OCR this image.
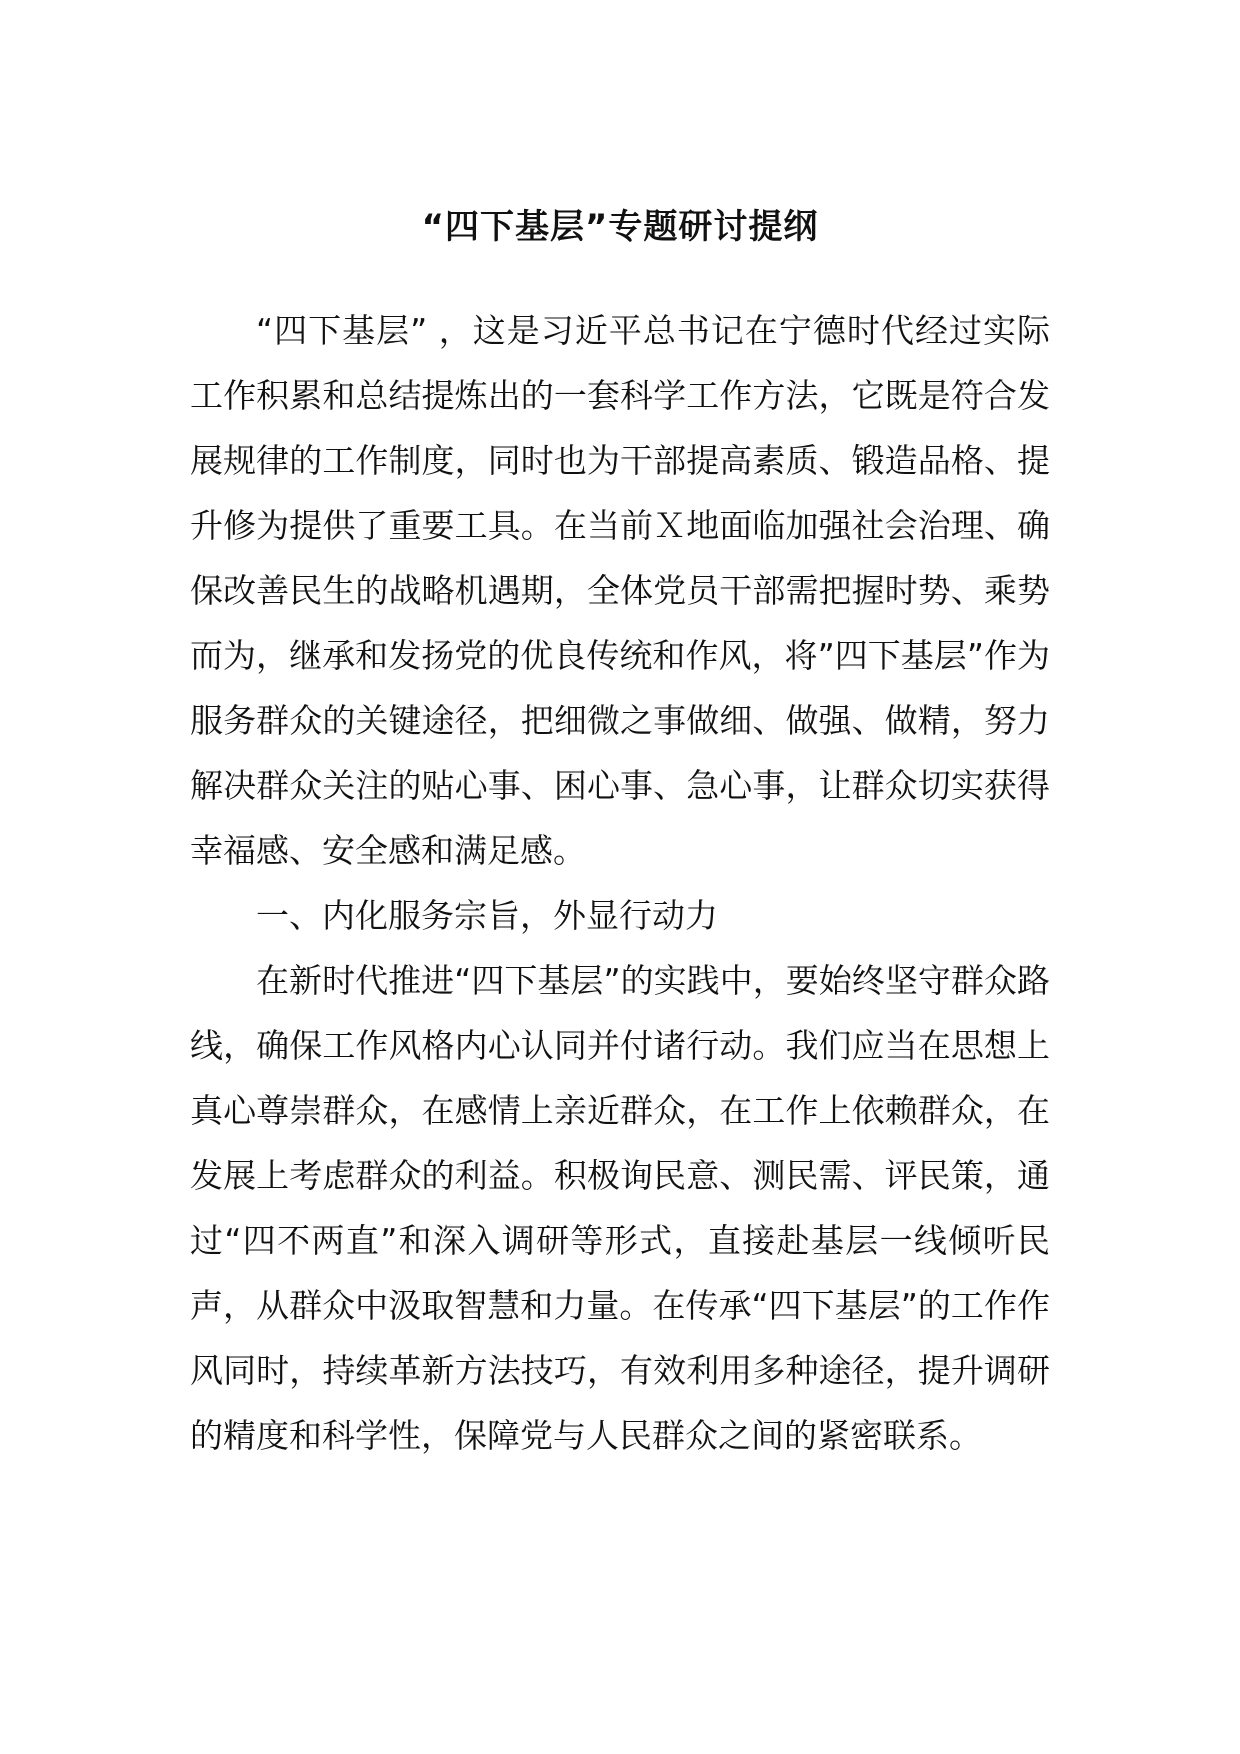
“四下基层”专题研讨提纲

“四下基层” ，这是习近平总书记在宁德时代经过实际工作积累和总结提炼出的一套科学工作方法，它既是符合发展规律的工作制度，同时也为干部提高素质、锻造品格、提升修为提供了重要工具。在当前Ｘ地面临加强社会治理、确保改善民生的战略机遇期，全体党员干部需把握时势、乘势而为，继承和发扬党的优良传统和作风，将”四下基层”作为服务群众的关键途径，把细微之事做细、做强、做精，努力解决群众关注的贴心事、困心事、急心事，让群众切实获得幸福感、安全感和满足感。

一、内化服务宗旨，外显行动力

在新时代推进“四下基层”的实践中，要始终坚守群众路线，确保工作风格内心认同并付诸行动。我们应当在思想上真心尊崇群众，在感情上亲近群众，在工作上依赖群众，在发展上考虑群众的利益。积极询民意、测民需、评民策，通过“四不两直”和深入调研等形式，直接赴基层一线倾听民声，从群众中汲取智慧和力量。在传承“四下基层”的工作作风同时，持续革新方法技巧，有效利用多种途径，提升调研的精度和科学性，保障党与人民群众之间的紧密联系。
